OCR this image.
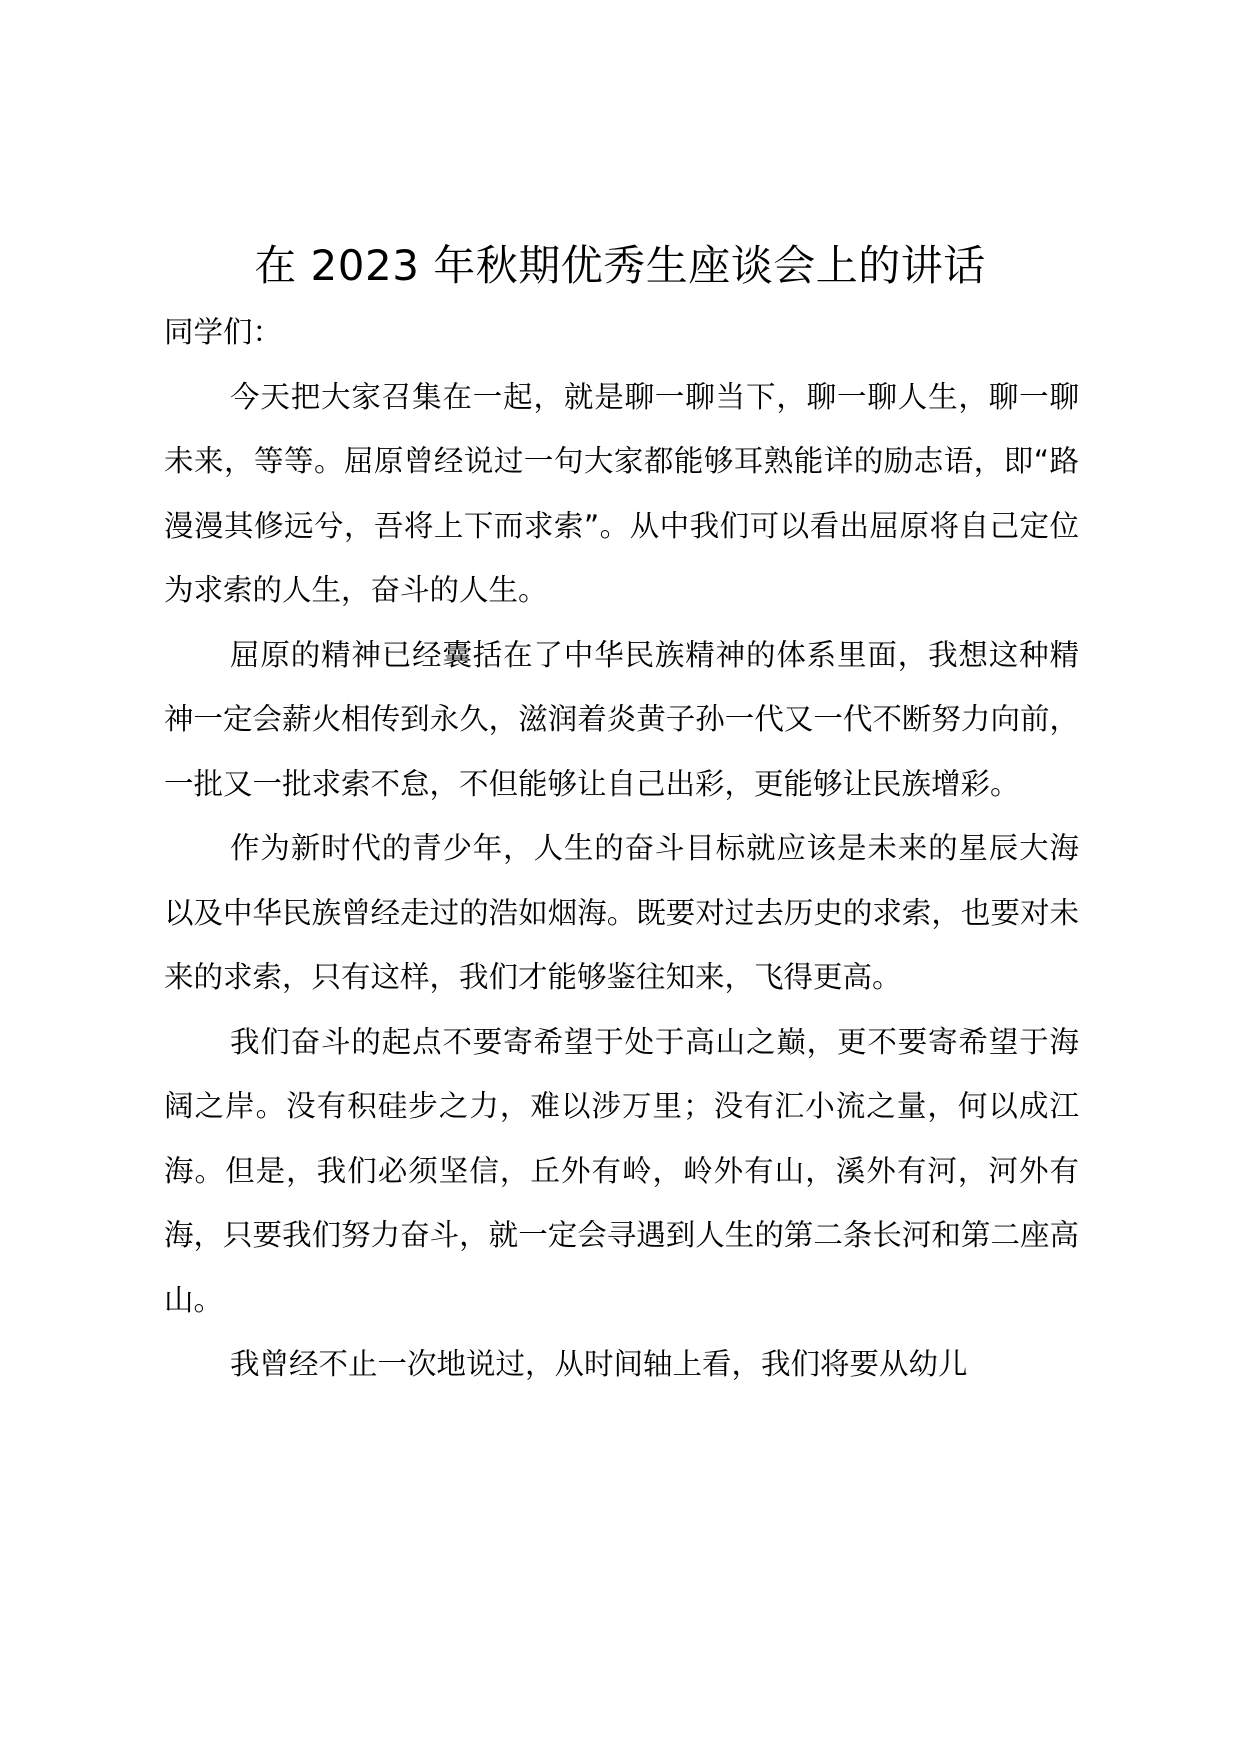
在 2023 年秋期优秀生座谈会上的讲话

同学们：

今天把大家召集在一起，就是聊一聊当下，聊一聊人生，聊一聊未来，等等。屈原曾经说过一句大家都能够耳熟能详的励志语，即“路漫漫其修远兮，吾将上下而求索”。从中我们可以看出屈原将自己定位为求索的人生，奋斗的人生。

屈原的精神已经囊括在了中华民族精神的体系里面，我想这种精神一定会薪火相传到永久，滋润着炎黄子孙一代又一代不断努力向前，一批又一批求索不怠，不但能够让自己出彩，更能够让民族增彩。

作为新时代的青少年，人生的奋斗目标就应该是未来的星辰大海以及中华民族曾经走过的浩如烟海。既要对过去历史的求索，也要对未来的求索，只有这样，我们才能够鉴往知来，飞得更高。

我们奋斗的起点不要寄希望于处于高山之巅，更不要寄希望于海阔之岸。没有积硅步之力，难以涉万里；没有汇小流之量，何以成江海。但是，我们必须坚信，丘外有岭，岭外有山，溪外有河，河外有海，只要我们努力奋斗，就一定会寻遇到人生的第二条长河和第二座高山。

我曾经不止一次地说过，从时间轴上看，我们将要从幼儿
